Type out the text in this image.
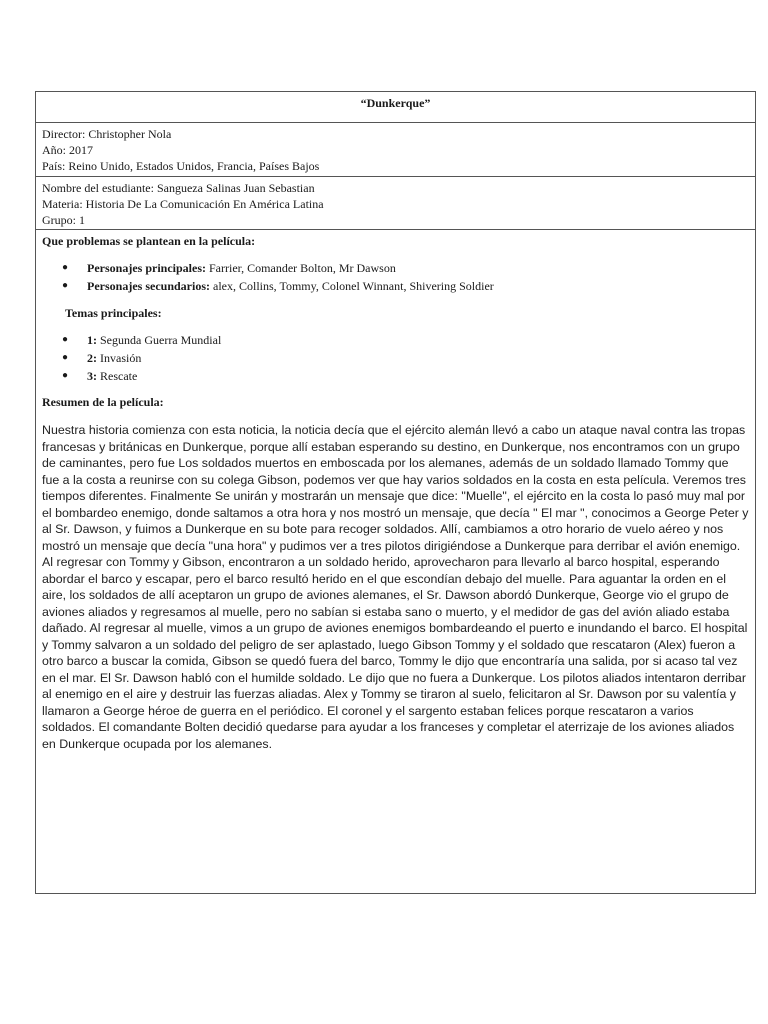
“Dunkerque”
Director: Christopher Nola
Año: 2017
País: Reino Unido, Estados Unidos, Francia, Países Bajos
Nombre del estudiante: Sangueza Salinas Juan Sebastian
Materia: Historia De La Comunicación En América Latina
Grupo: 1
Que problemas se plantean en la película:
● Personajes principales: Farrier, Comander Bolton, Mr Dawson
● Personajes secundarios: alex, Collins, Tommy, Colonel Winnant, Shivering Soldier
Temas principales:
● 1: Segunda Guerra Mundial
● 2: Invasión
● 3: Rescate
Resumen de la película:
Nuestra historia comienza con esta noticia, la noticia decía que el ejército alemán llevó a cabo un ataque naval contra las tropas francesas y británicas en Dunkerque, porque allí estaban esperando su destino, en Dunkerque, nos encontramos con un grupo de caminantes, pero fue Los soldados muertos en emboscada por los alemanes, además de un soldado llamado Tommy que fue a la costa a reunirse con su colega Gibson, podemos ver que hay varios soldados en la costa en esta película. Veremos tres tiempos diferentes. Finalmente Se unirán y mostrarán un mensaje que dice: "Muelle", el ejército en la costa lo pasó muy mal por el bombardeo enemigo, donde saltamos a otra hora y nos mostró un mensaje, que decía " El mar ", conocimos a George Peter y al Sr. Dawson, y fuimos a Dunkerque en su bote para recoger soldados. Allí, cambiamos a otro horario de vuelo aéreo y nos mostró un mensaje que decía "una hora" y pudimos ver a tres pilotos dirigiéndose a Dunkerque para derribar el avión enemigo. Al regresar con Tommy y Gibson, encontraron a un soldado herido, aprovecharon para llevarlo al barco hospital, esperando abordar el barco y escapar, pero el barco resultó herido en el que escondían debajo del muelle. Para aguantar la orden en el aire, los soldados de allí aceptaron un grupo de aviones alemanes, el Sr. Dawson abordó Dunkerque, George vio el grupo de aviones aliados y regresamos al muelle, pero no sabían si estaba sano o muerto, y el medidor de gas del avión aliado estaba dañado. Al regresar al muelle, vimos a un grupo de aviones enemigos bombardeando el puerto e inundando el barco. El hospital y Tommy salvaron a un soldado del peligro de ser aplastado, luego Gibson Tommy y el soldado que rescataron (Alex) fueron a otro barco a buscar la comida, Gibson se quedó fuera del barco, Tommy le dijo que encontraría una salida, por si acaso tal vez en el mar. El Sr. Dawson habló con el humilde soldado. Le dijo que no fuera a Dunkerque. Los pilotos aliados intentaron derribar al enemigo en el aire y destruir las fuerzas aliadas. Alex y Tommy se tiraron al suelo, felicitaron al Sr. Dawson por su valentía y llamaron a George héroe de guerra en el periódico. El coronel y el sargento estaban felices porque rescataron a varios soldados. El comandante Bolten decidió quedarse para ayudar a los franceses y completar el aterrizaje de los aviones aliados en Dunkerque ocupada por los alemanes.
